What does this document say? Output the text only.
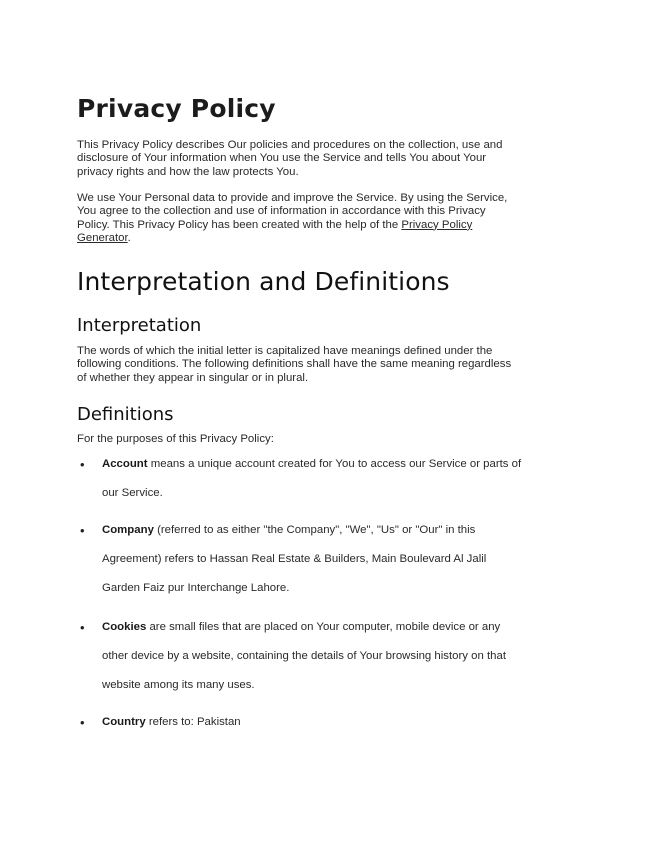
Privacy Policy
This Privacy Policy describes Our policies and procedures on the collection, use and
disclosure of Your information when You use the Service and tells You about Your
privacy rights and how the law protects You.
We use Your Personal data to provide and improve the Service. By using the Service,
You agree to the collection and use of information in accordance with this Privacy
Policy. This Privacy Policy has been created with the help of the Privacy Policy
Generator.
Interpretation and Definitions
Interpretation
The words of which the initial letter is capitalized have meanings defined under the
following conditions. The following definitions shall have the same meaning regardless
of whether they appear in singular or in plural.
Definitions
For the purposes of this Privacy Policy:
• Account means a unique account created for You to access our Service or parts of
our Service.
• Company (referred to as either "the Company", "We", "Us" or "Our" in this
Agreement) refers to Hassan Real Estate & Builders, Main Boulevard Al Jalil
Garden Faiz pur Interchange Lahore.
• Cookies are small files that are placed on Your computer, mobile device or any
other device by a website, containing the details of Your browsing history on that
website among its many uses.
• Country refers to: Pakistan
